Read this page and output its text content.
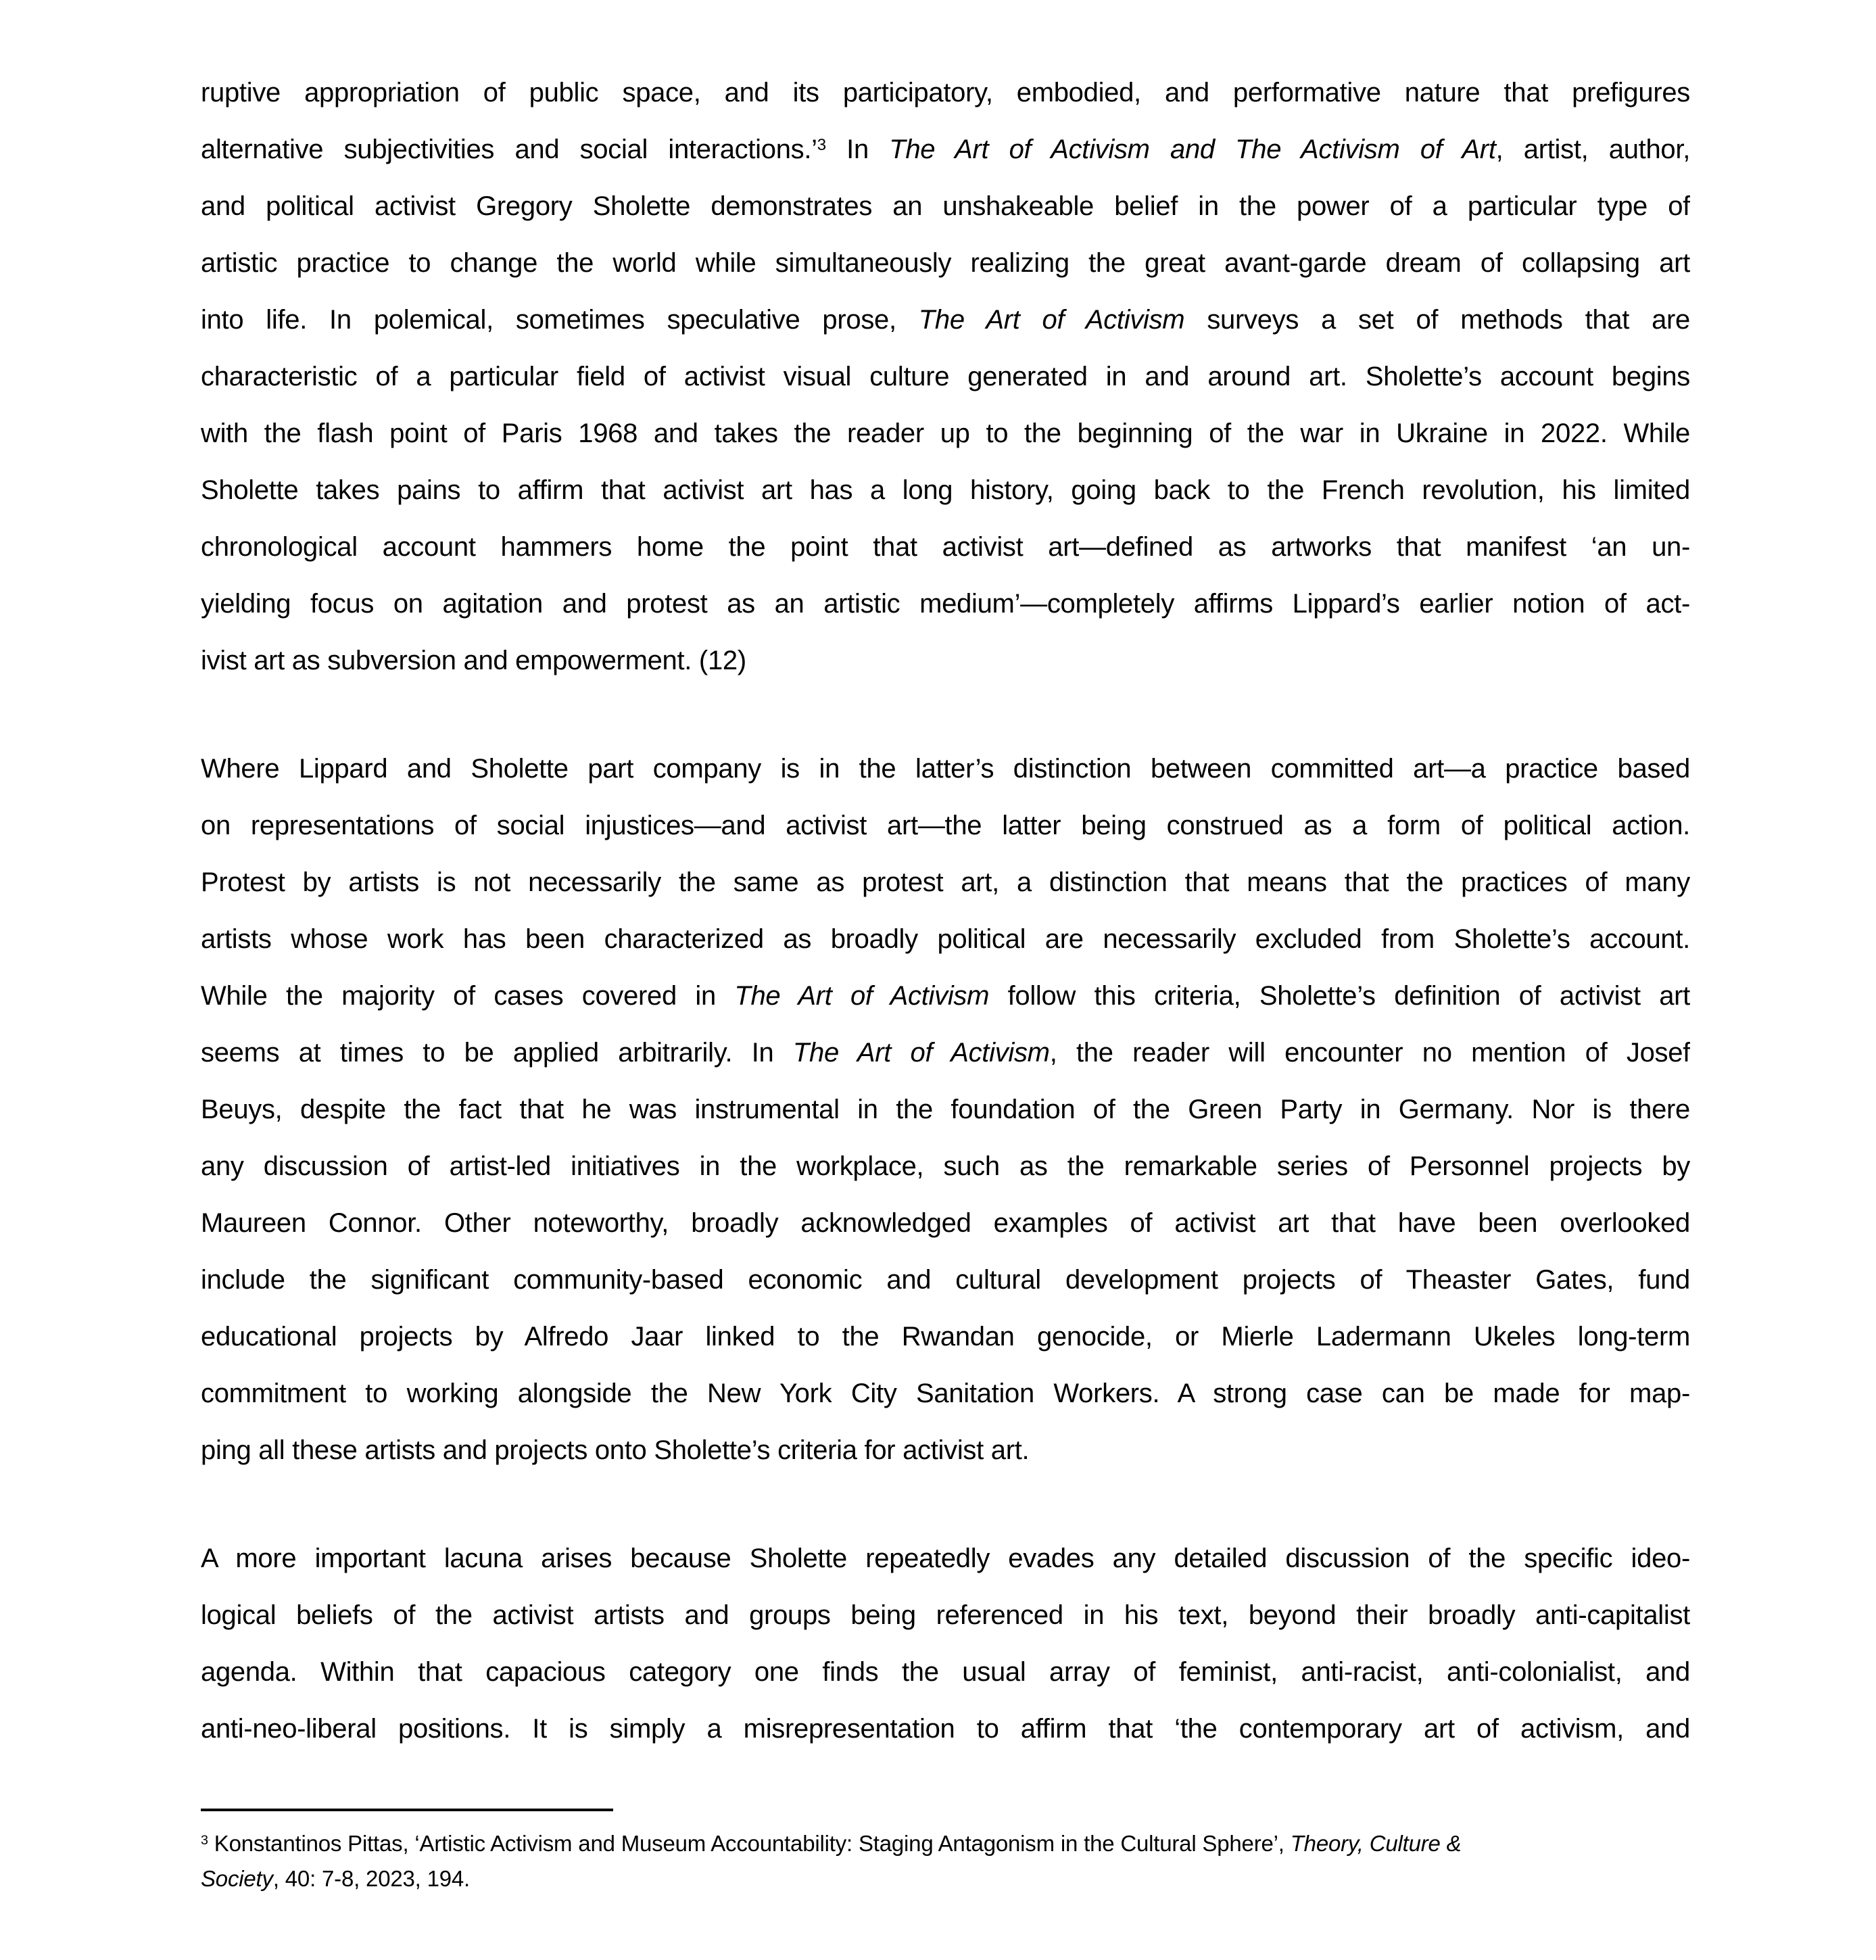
ruptive appropriation of public space, and its participatory, embodied, and performative nature that prefigures
alternative subjectivities and social interactions.’$^3$ In The Art of Activism and The Activism of Art, artist, author,
and political activist Gregory Sholette demonstrates an unshakeable belief in the power of a particular type of
artistic practice to change the world while simultaneously realizing the great avant-garde dream of collapsing art
into life. In polemical, sometimes speculative prose, The Art of Activism surveys a set of methods that are
characteristic of a particular field of activist visual culture generated in and around art. Sholette’s account begins
with the flash point of Paris 1968 and takes the reader up to the beginning of the war in Ukraine in 2022. While
Sholette takes pains to affirm that activist art has a long history, going back to the French revolution, his limited
chronological account hammers home the point that activist art—defined as artworks that manifest ‘an un-
yielding focus on agitation and protest as an artistic medium’—completely affirms Lippard’s earlier notion of act-
ivist art as subversion and empowerment. (12)
Where Lippard and Sholette part company is in the latter’s distinction between committed art—a practice based
on representations of social injustices—and activist art—the latter being construed as a form of political action.
Protest by artists is not necessarily the same as protest art, a distinction that means that the practices of many
artists whose work has been characterized as broadly political are necessarily excluded from Sholette’s account.
While the majority of cases covered in The Art of Activism follow this criteria, Sholette’s definition of activist art
seems at times to be applied arbitrarily. In The Art of Activism, the reader will encounter no mention of Josef
Beuys, despite the fact that he was instrumental in the foundation of the Green Party in Germany. Nor is there
any discussion of artist-led initiatives in the workplace, such as the remarkable series of Personnel projects by
Maureen Connor. Other noteworthy, broadly acknowledged examples of activist art that have been overlooked
include the significant community-based economic and cultural development projects of Theaster Gates, fund
educational projects by Alfredo Jaar linked to the Rwandan genocide, or Mierle Ladermann Ukeles long-term
commitment to working alongside the New York City Sanitation Workers. A strong case can be made for map-
ping all these artists and projects onto Sholette’s criteria for activist art.
A more important lacuna arises because Sholette repeatedly evades any detailed discussion of the specific ideo-
logical beliefs of the activist artists and groups being referenced in his text, beyond their broadly anti-capitalist
agenda. Within that capacious category one finds the usual array of feminist, anti-racist, anti-colonialist, and
anti-neo-liberal positions. It is simply a misrepresentation to affirm that ‘the contemporary art of activism, and
$^3$ Konstantinos Pittas, ‘Artistic Activism and Museum Accountability: Staging Antagonism in the Cultural Sphere’, Theory, Culture &
Society, 40: 7-8, 2023, 194.
